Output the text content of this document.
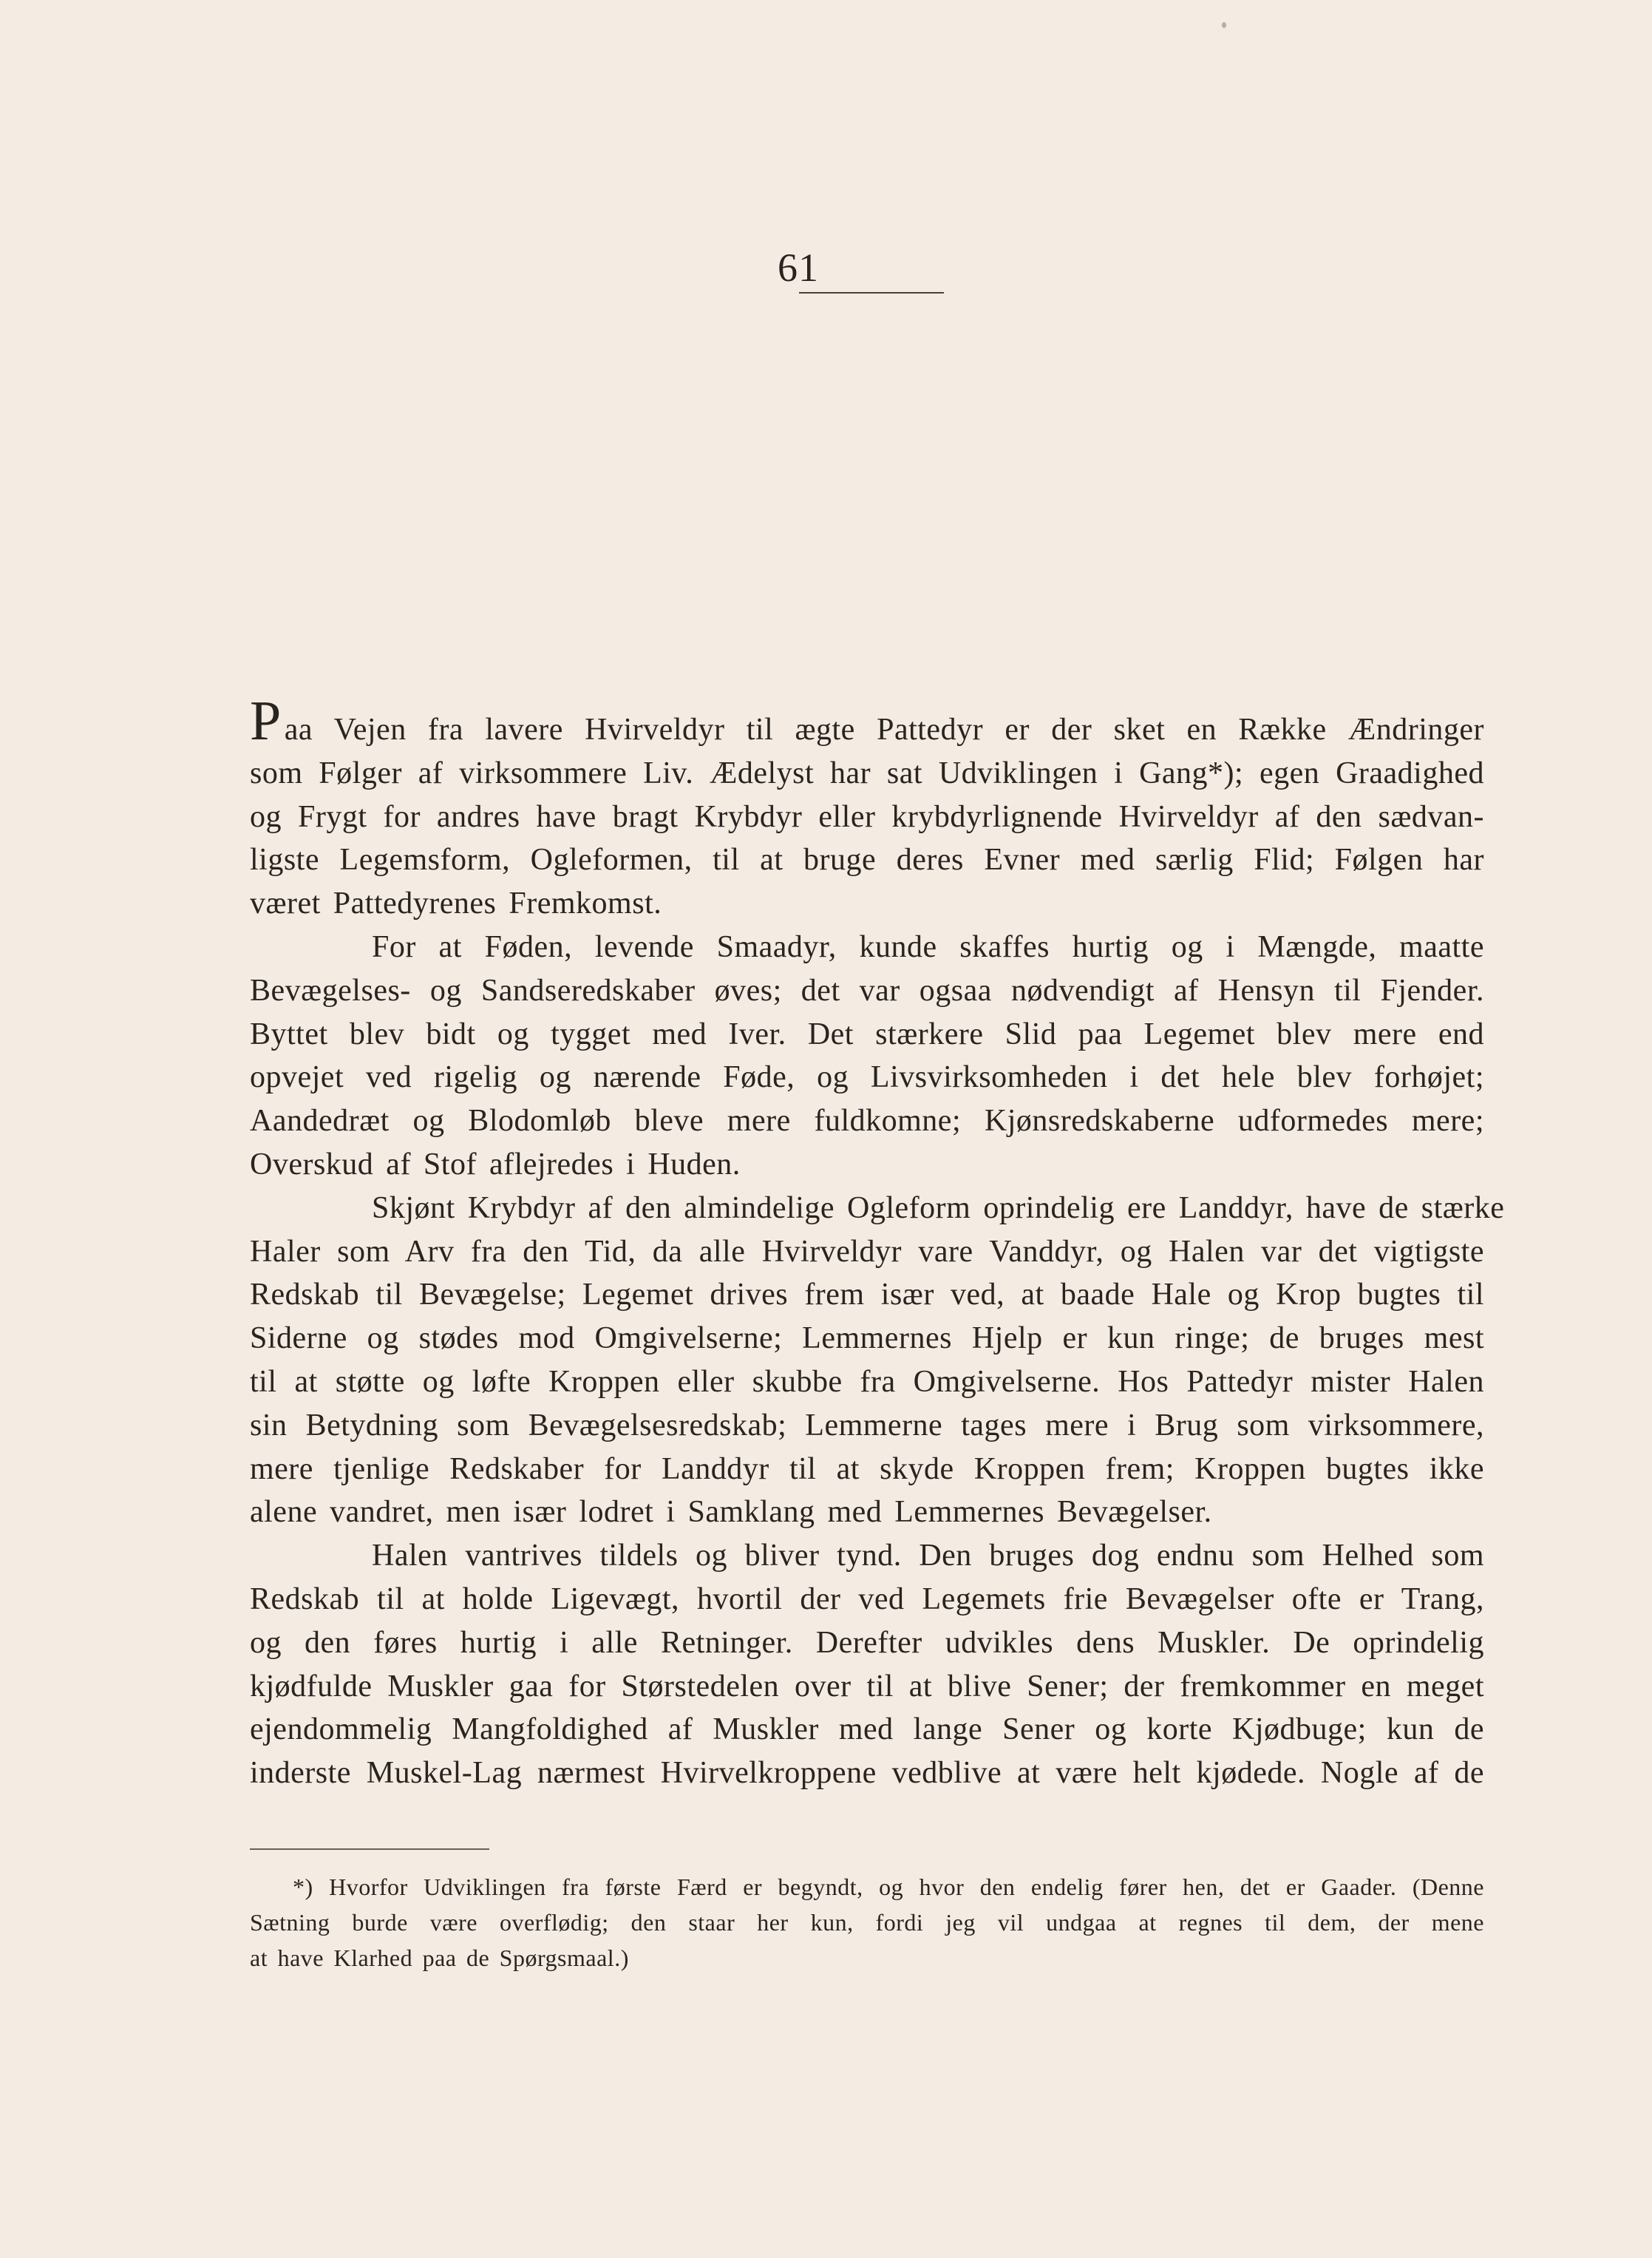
61
Paa Vejen fra lavere Hvirveldyr til ægte Pattedyr er der sket en Række Ændringer
som Følger af virksommere Liv. Ædelyst har sat Udviklingen i Gang*); egen Graadighed
og Frygt for andres have bragt Krybdyr eller krybdyrlignende Hvirveldyr af den sædvan-
ligste Legemsform, Ogleformen, til at bruge deres Evner med særlig Flid; Følgen har
været Pattedyrenes Fremkomst.
For at Føden, levende Smaadyr, kunde skaffes hurtig og i Mængde, maatte
Bevægelses- og Sandseredskaber øves; det var ogsaa nødvendigt af Hensyn til Fjender.
Byttet blev bidt og tygget med Iver. Det stærkere Slid paa Legemet blev mere end
opvejet ved rigelig og nærende Føde, og Livsvirksomheden i det hele blev forhøjet;
Aandedræt og Blodomløb bleve mere fuldkomne; Kjønsredskaberne udformedes mere;
Overskud af Stof aflejredes i Huden.
Skjønt Krybdyr af den almindelige Ogleform oprindelig ere Landdyr, have de stærke
Haler som Arv fra den Tid, da alle Hvirveldyr vare Vanddyr, og Halen var det vigtigste
Redskab til Bevægelse; Legemet drives frem især ved, at baade Hale og Krop bugtes til
Siderne og stødes mod Omgivelserne; Lemmernes Hjelp er kun ringe; de bruges mest
til at støtte og løfte Kroppen eller skubbe fra Omgivelserne. Hos Pattedyr mister Halen
sin Betydning som Bevægelsesredskab; Lemmerne tages mere i Brug som virksommere,
mere tjenlige Redskaber for Landdyr til at skyde Kroppen frem; Kroppen bugtes ikke
alene vandret, men især lodret i Samklang med Lemmernes Bevægelser.
Halen vantrives tildels og bliver tynd. Den bruges dog endnu som Helhed som
Redskab til at holde Ligevægt, hvortil der ved Legemets frie Bevægelser ofte er Trang,
og den føres hurtig i alle Retninger. Derefter udvikles dens Muskler. De oprindelig
kjødfulde Muskler gaa for Størstedelen over til at blive Sener; der fremkommer en meget
ejendommelig Mangfoldighed af Muskler med lange Sener og korte Kjødbuge; kun de
inderste Muskel-Lag nærmest Hvirvelkroppene vedblive at være helt kjødede. Nogle af de
*) Hvorfor Udviklingen fra første Færd er begyndt, og hvor den endelig fører hen, det er Gaader. (Denne
Sætning burde være overflødig; den staar her kun, fordi jeg vil undgaa at regnes til dem, der mene
at have Klarhed paa de Spørgsmaal.)
